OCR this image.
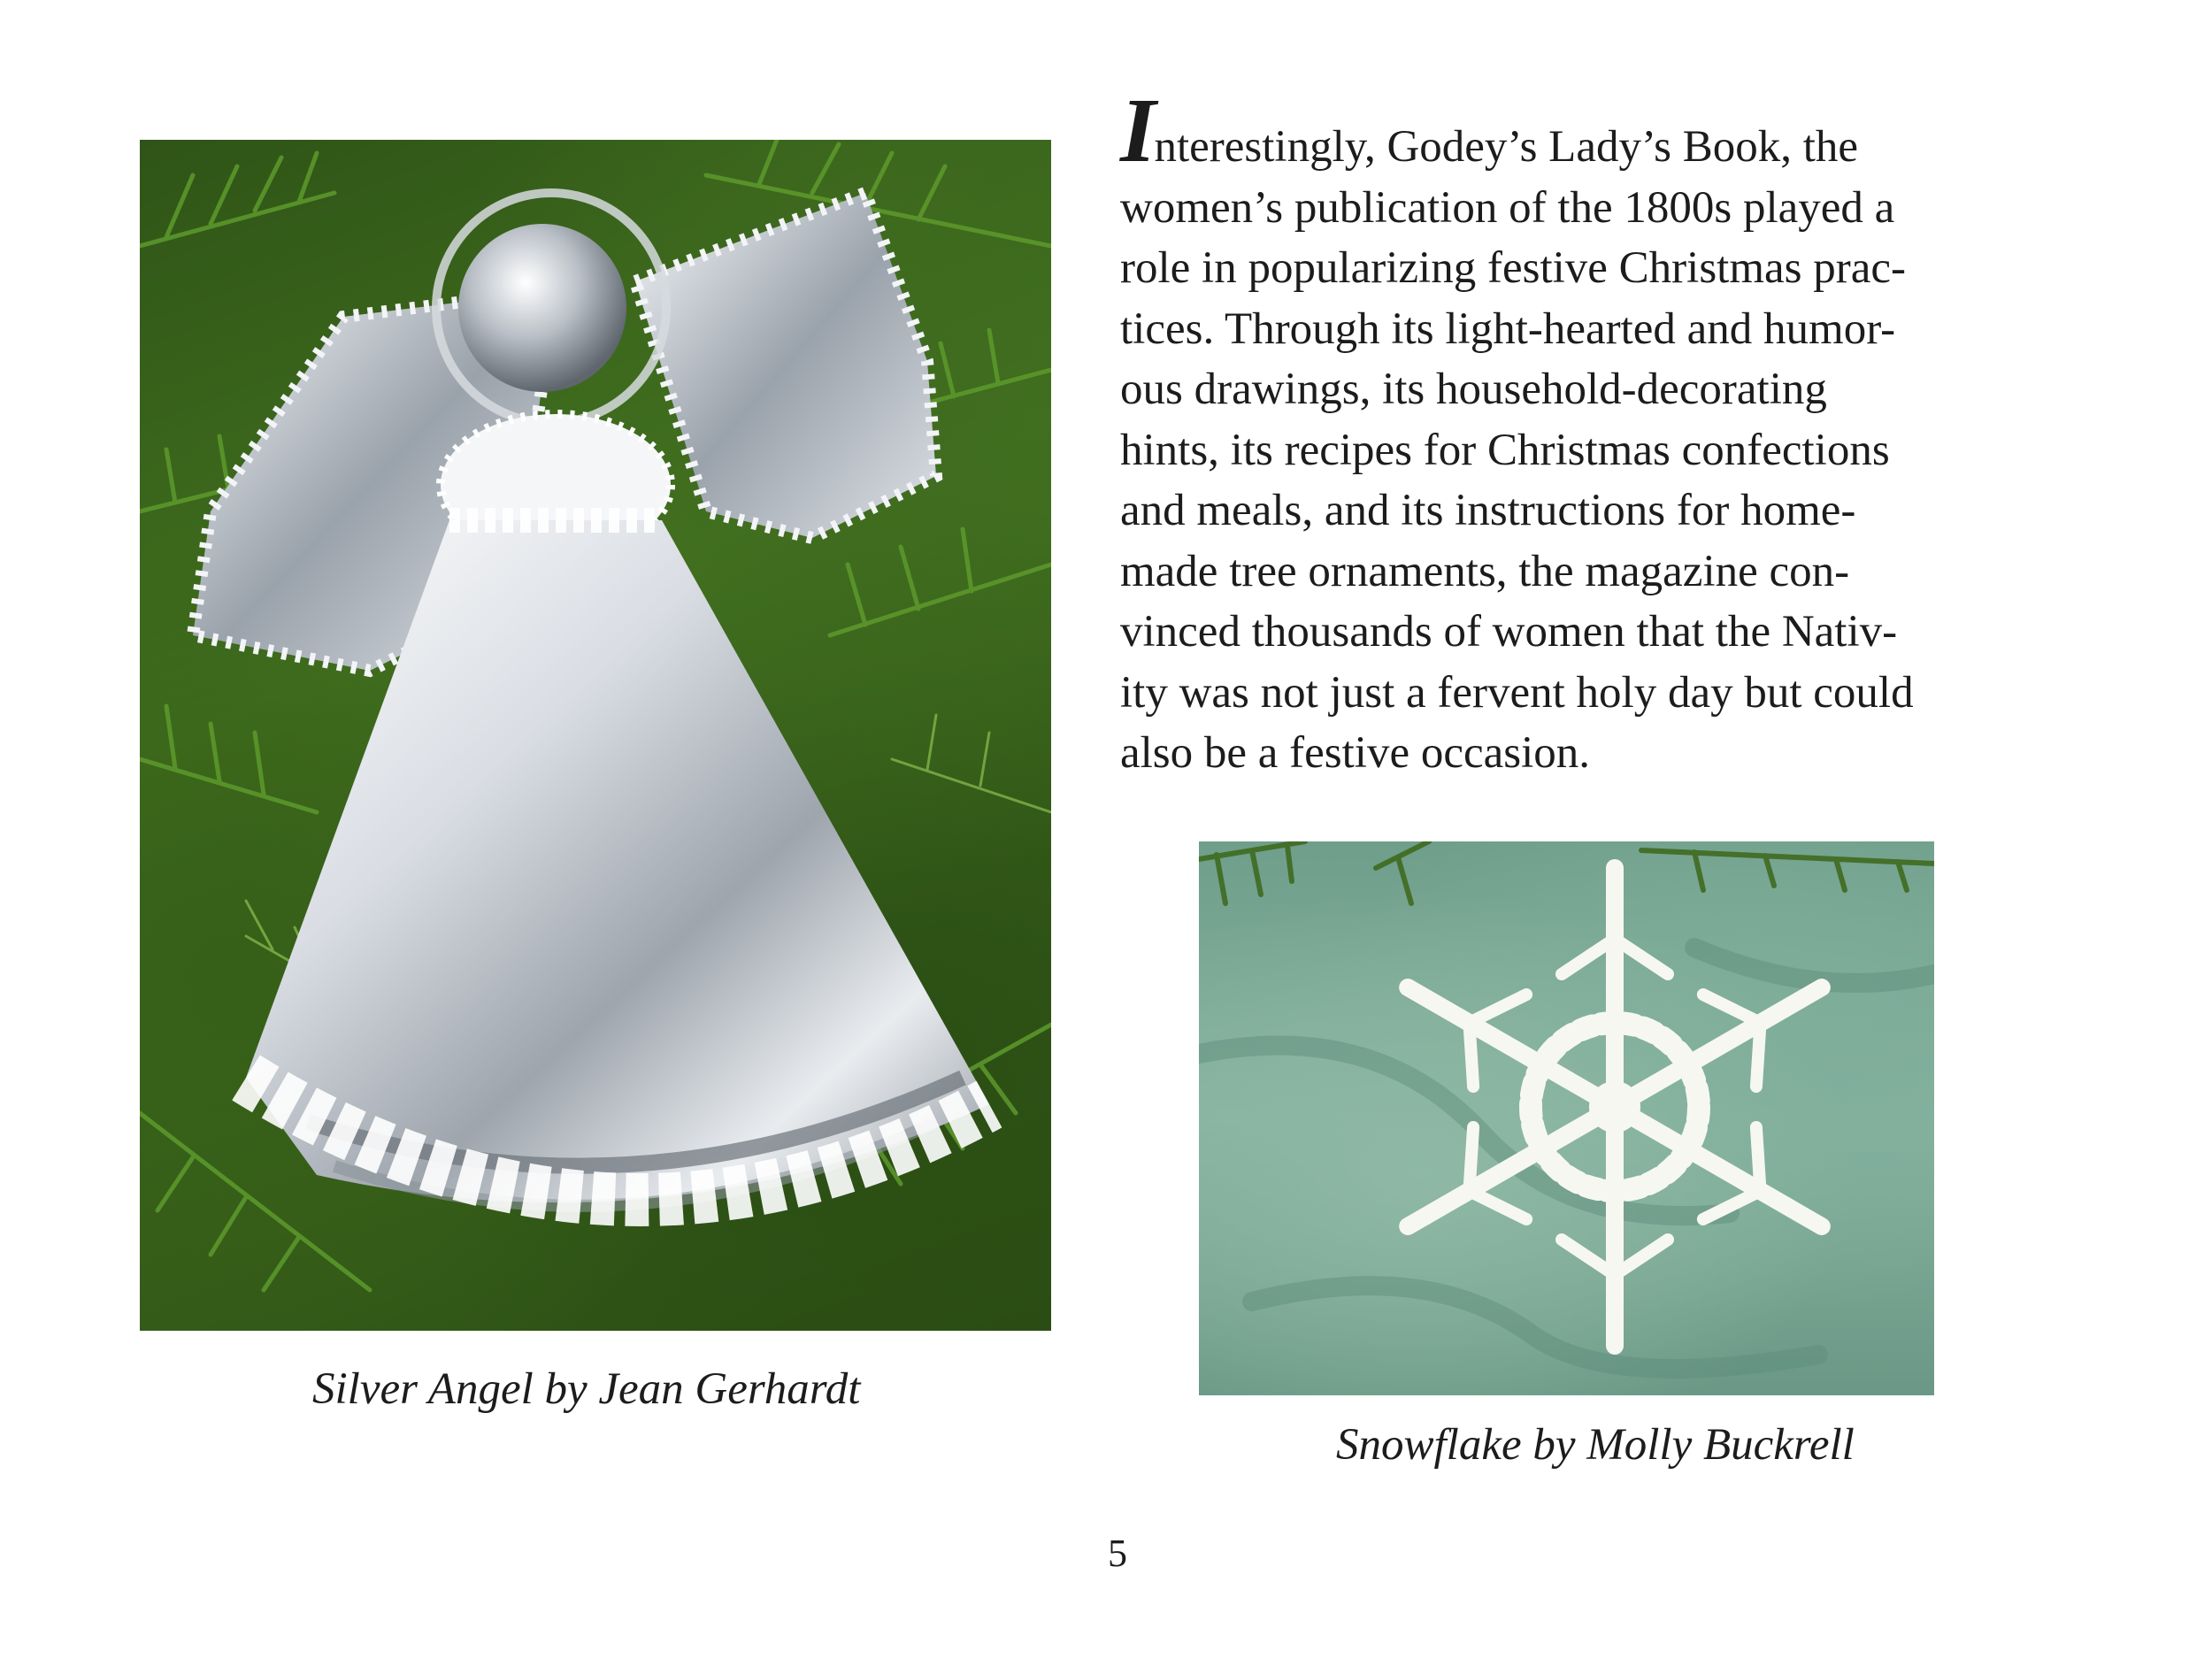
Interestingly, Godey’s Lady’s Book, the
women’s publication of the 1800s played a
role in popularizing festive Christmas prac-
tices. Through its light-hearted and humor-
ous drawings, its household-decorating
hints, its recipes for Christmas confections
and meals, and its instructions for home-
made tree ornaments, the magazine con-
vinced thousands of women that the Nativ-
ity was not just a fervent holy day but could
also be a festive occasion.

Silver Angel by Jean Gerhardt

Snowflake by Molly Buckrell

5
